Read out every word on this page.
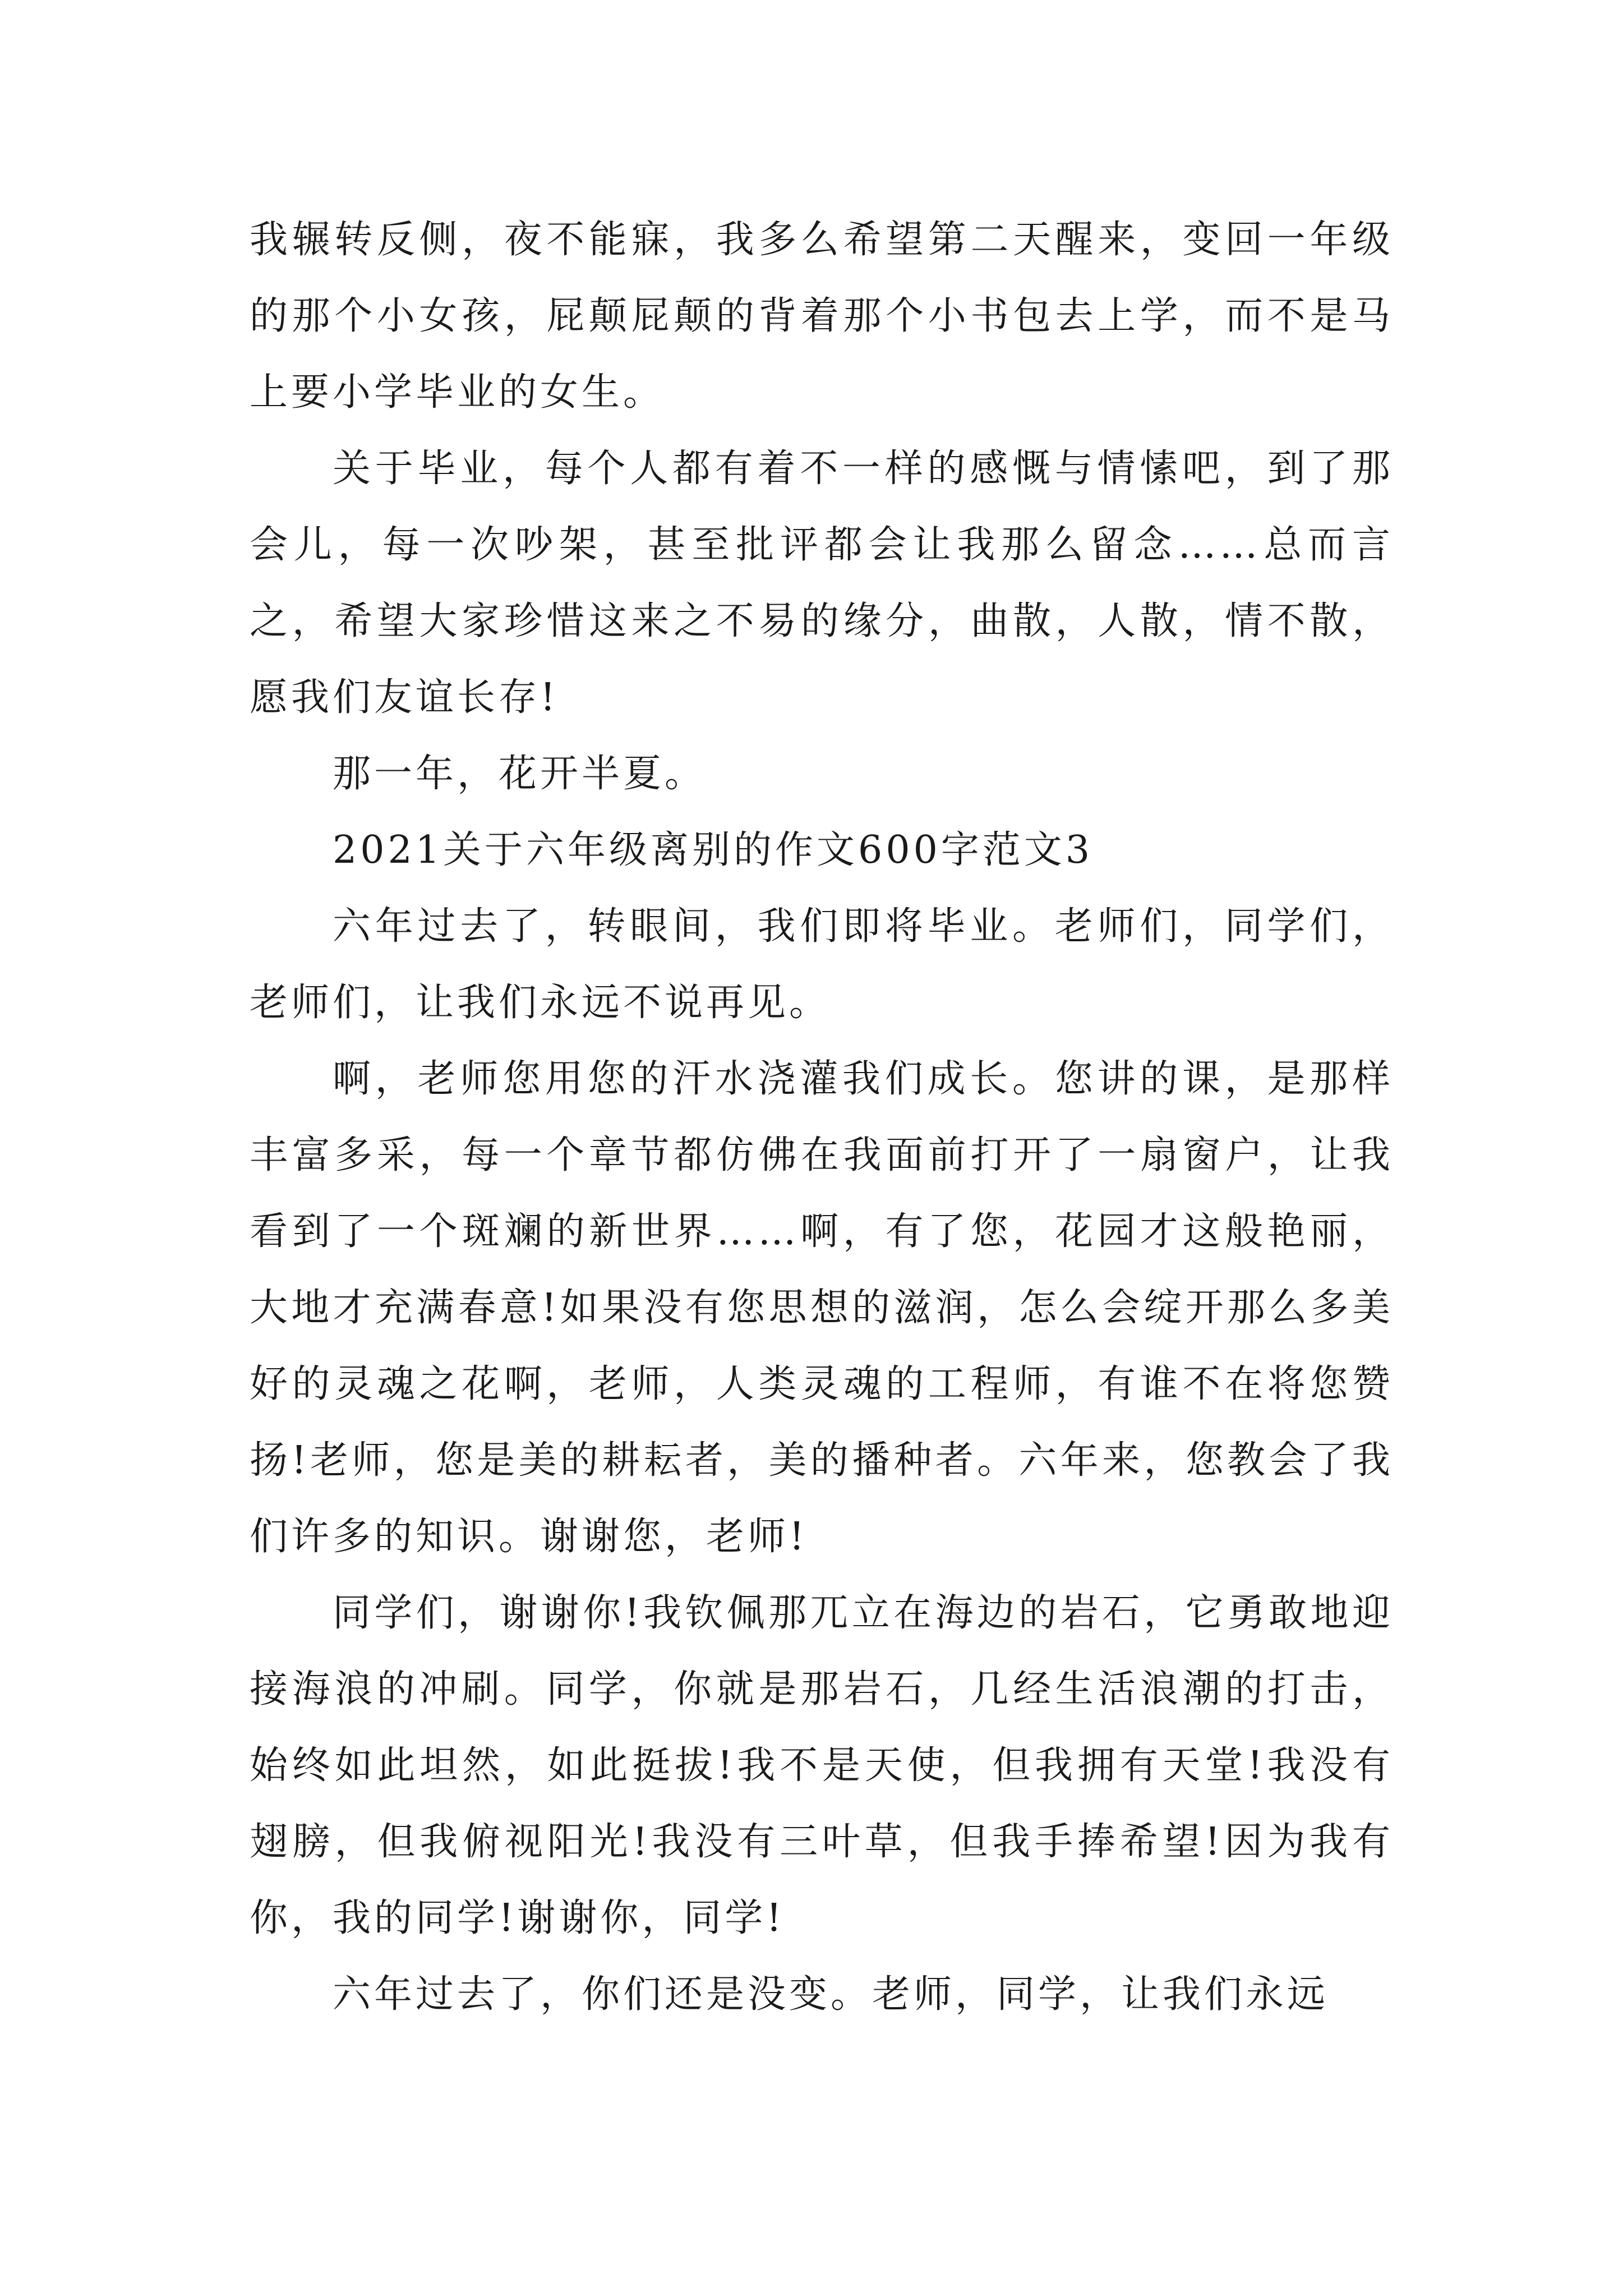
我辗转反侧，夜不能寐，我多么希望第二天醒来，变回一年级的那个小女孩，屁颠屁颠的背着那个小书包去上学，而不是马上要小学毕业的女生。

关于毕业，每个人都有着不一样的感慨与情愫吧，到了那会儿，每一次吵架，甚至批评都会让我那么留念……总而言之，希望大家珍惜这来之不易的缘分，曲散，人散，情不散，愿我们友谊长存!

那一年，花开半夏。

2021关于六年级离别的作文600字范文3

六年过去了，转眼间，我们即将毕业。老师们，同学们，老师们，让我们永远不说再见。

啊，老师您用您的汗水浇灌我们成长。您讲的课，是那样丰富多采，每一个章节都仿佛在我面前打开了一扇窗户，让我看到了一个斑斓的新世界……啊，有了您，花园才这般艳丽，大地才充满春意!如果没有您思想的滋润，怎么会绽开那么多美好的灵魂之花啊，老师，人类灵魂的工程师，有谁不在将您赞扬!老师，您是美的耕耘者，美的播种者。六年来，您教会了我们许多的知识。谢谢您，老师!

同学们，谢谢你!我钦佩那兀立在海边的岩石，它勇敢地迎接海浪的冲刷。同学，你就是那岩石，几经生活浪潮的打击，始终如此坦然，如此挺拔!我不是天使，但我拥有天堂!我没有翅膀，但我俯视阳光!我没有三叶草，但我手捧希望!因为我有你，我的同学!谢谢你，同学!

六年过去了，你们还是没变。老师，同学，让我们永远
